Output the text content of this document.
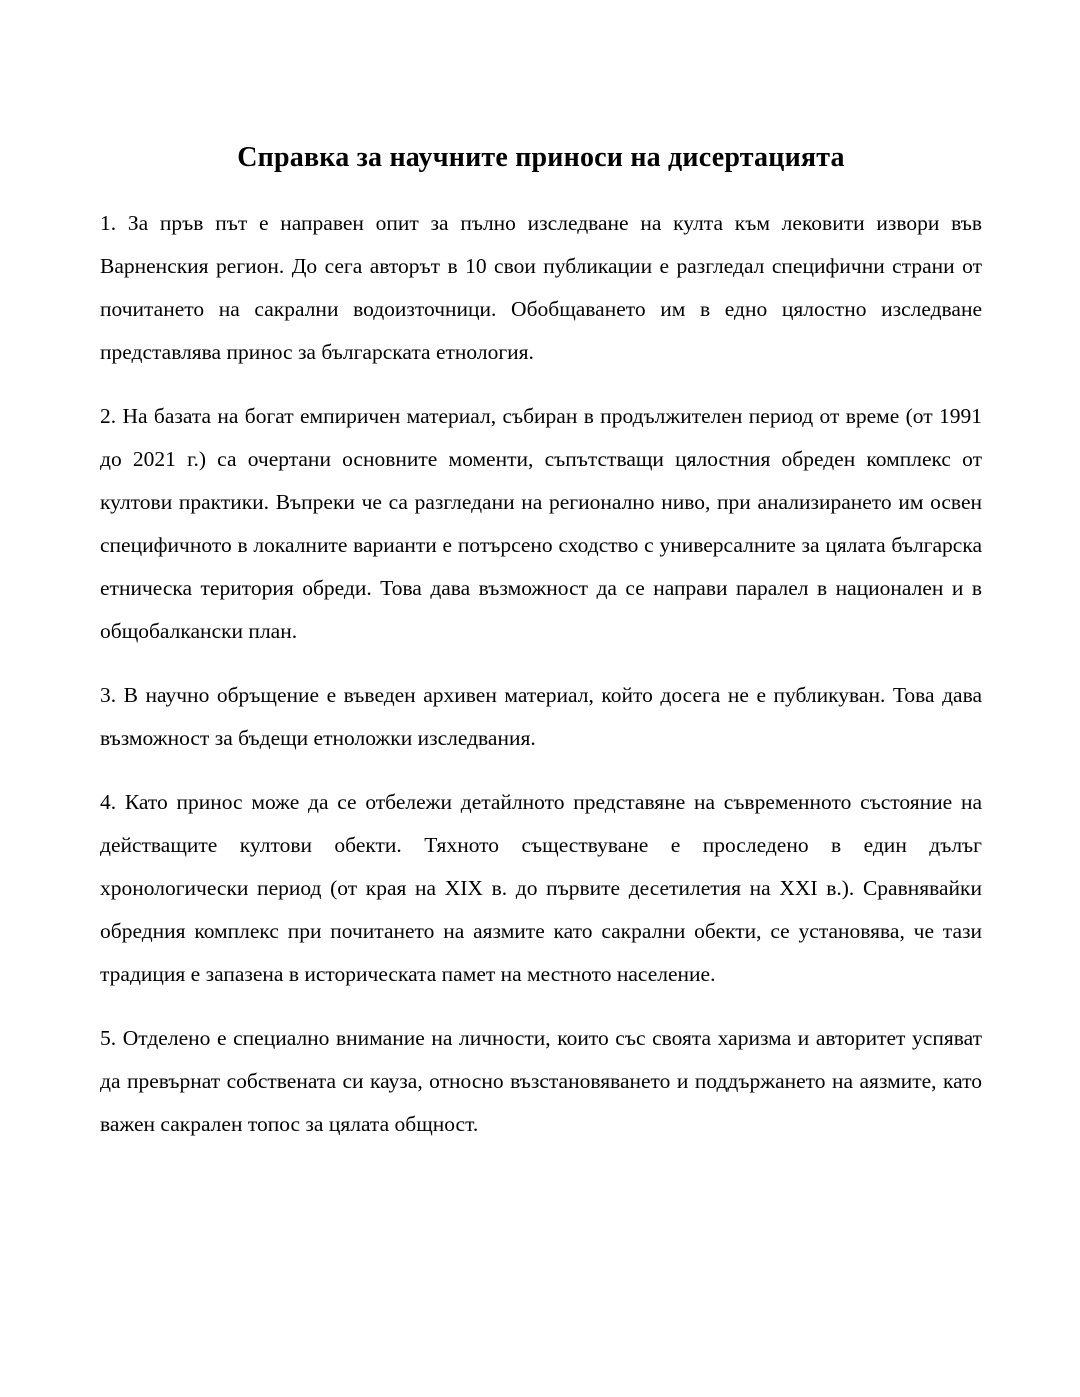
Справка за научните приноси на дисертацията

1. За пръв път е направен опит за пълно изследване на култа към лековити извори във Варненския регион. До сега авторът в 10 свои публикации е разгледал специфични страни от почитането на сакрални водоизточници. Обобщаването им в едно цялостно изследване представлява принос за българската етнология.

2. На базата на богат емпиричен материал, събиран в продължителен период от време (от 1991 до 2021 г.) са очертани основните моменти, съпътстващи цялостния обреден комплекс от култови практики. Въпреки че са разгледани на регионално ниво, при анализирането им освен специфичното в локалните варианти е потърсено сходство с универсалните за цялата българска етническа територия обреди. Това дава възможност да се направи паралел в национален и в общобалкански план.

3. В научно обръщение е въведен архивен материал, който досега не е публикуван. Това дава възможност за бъдещи етноложки изследвания.

4. Като принос може да се отбележи детайлното представяне на съвременното състояние на действащите култови обекти. Тяхното съществуване е проследено в един дълъг хронологически период (от края на XIX в. до първите десетилетия на XXI в.). Сравнявайки обредния комплекс при почитането на аязмите като сакрални обекти, се установява, че тази традиция е запазена в историческата памет на местното население.

5. Отделено е специално внимание на личности, които със своята харизма и авторитет успяват да превърнат собствената си кауза, относно възстановяването и поддържането на аязмите, като важен сакрален топос за цялата общност.
